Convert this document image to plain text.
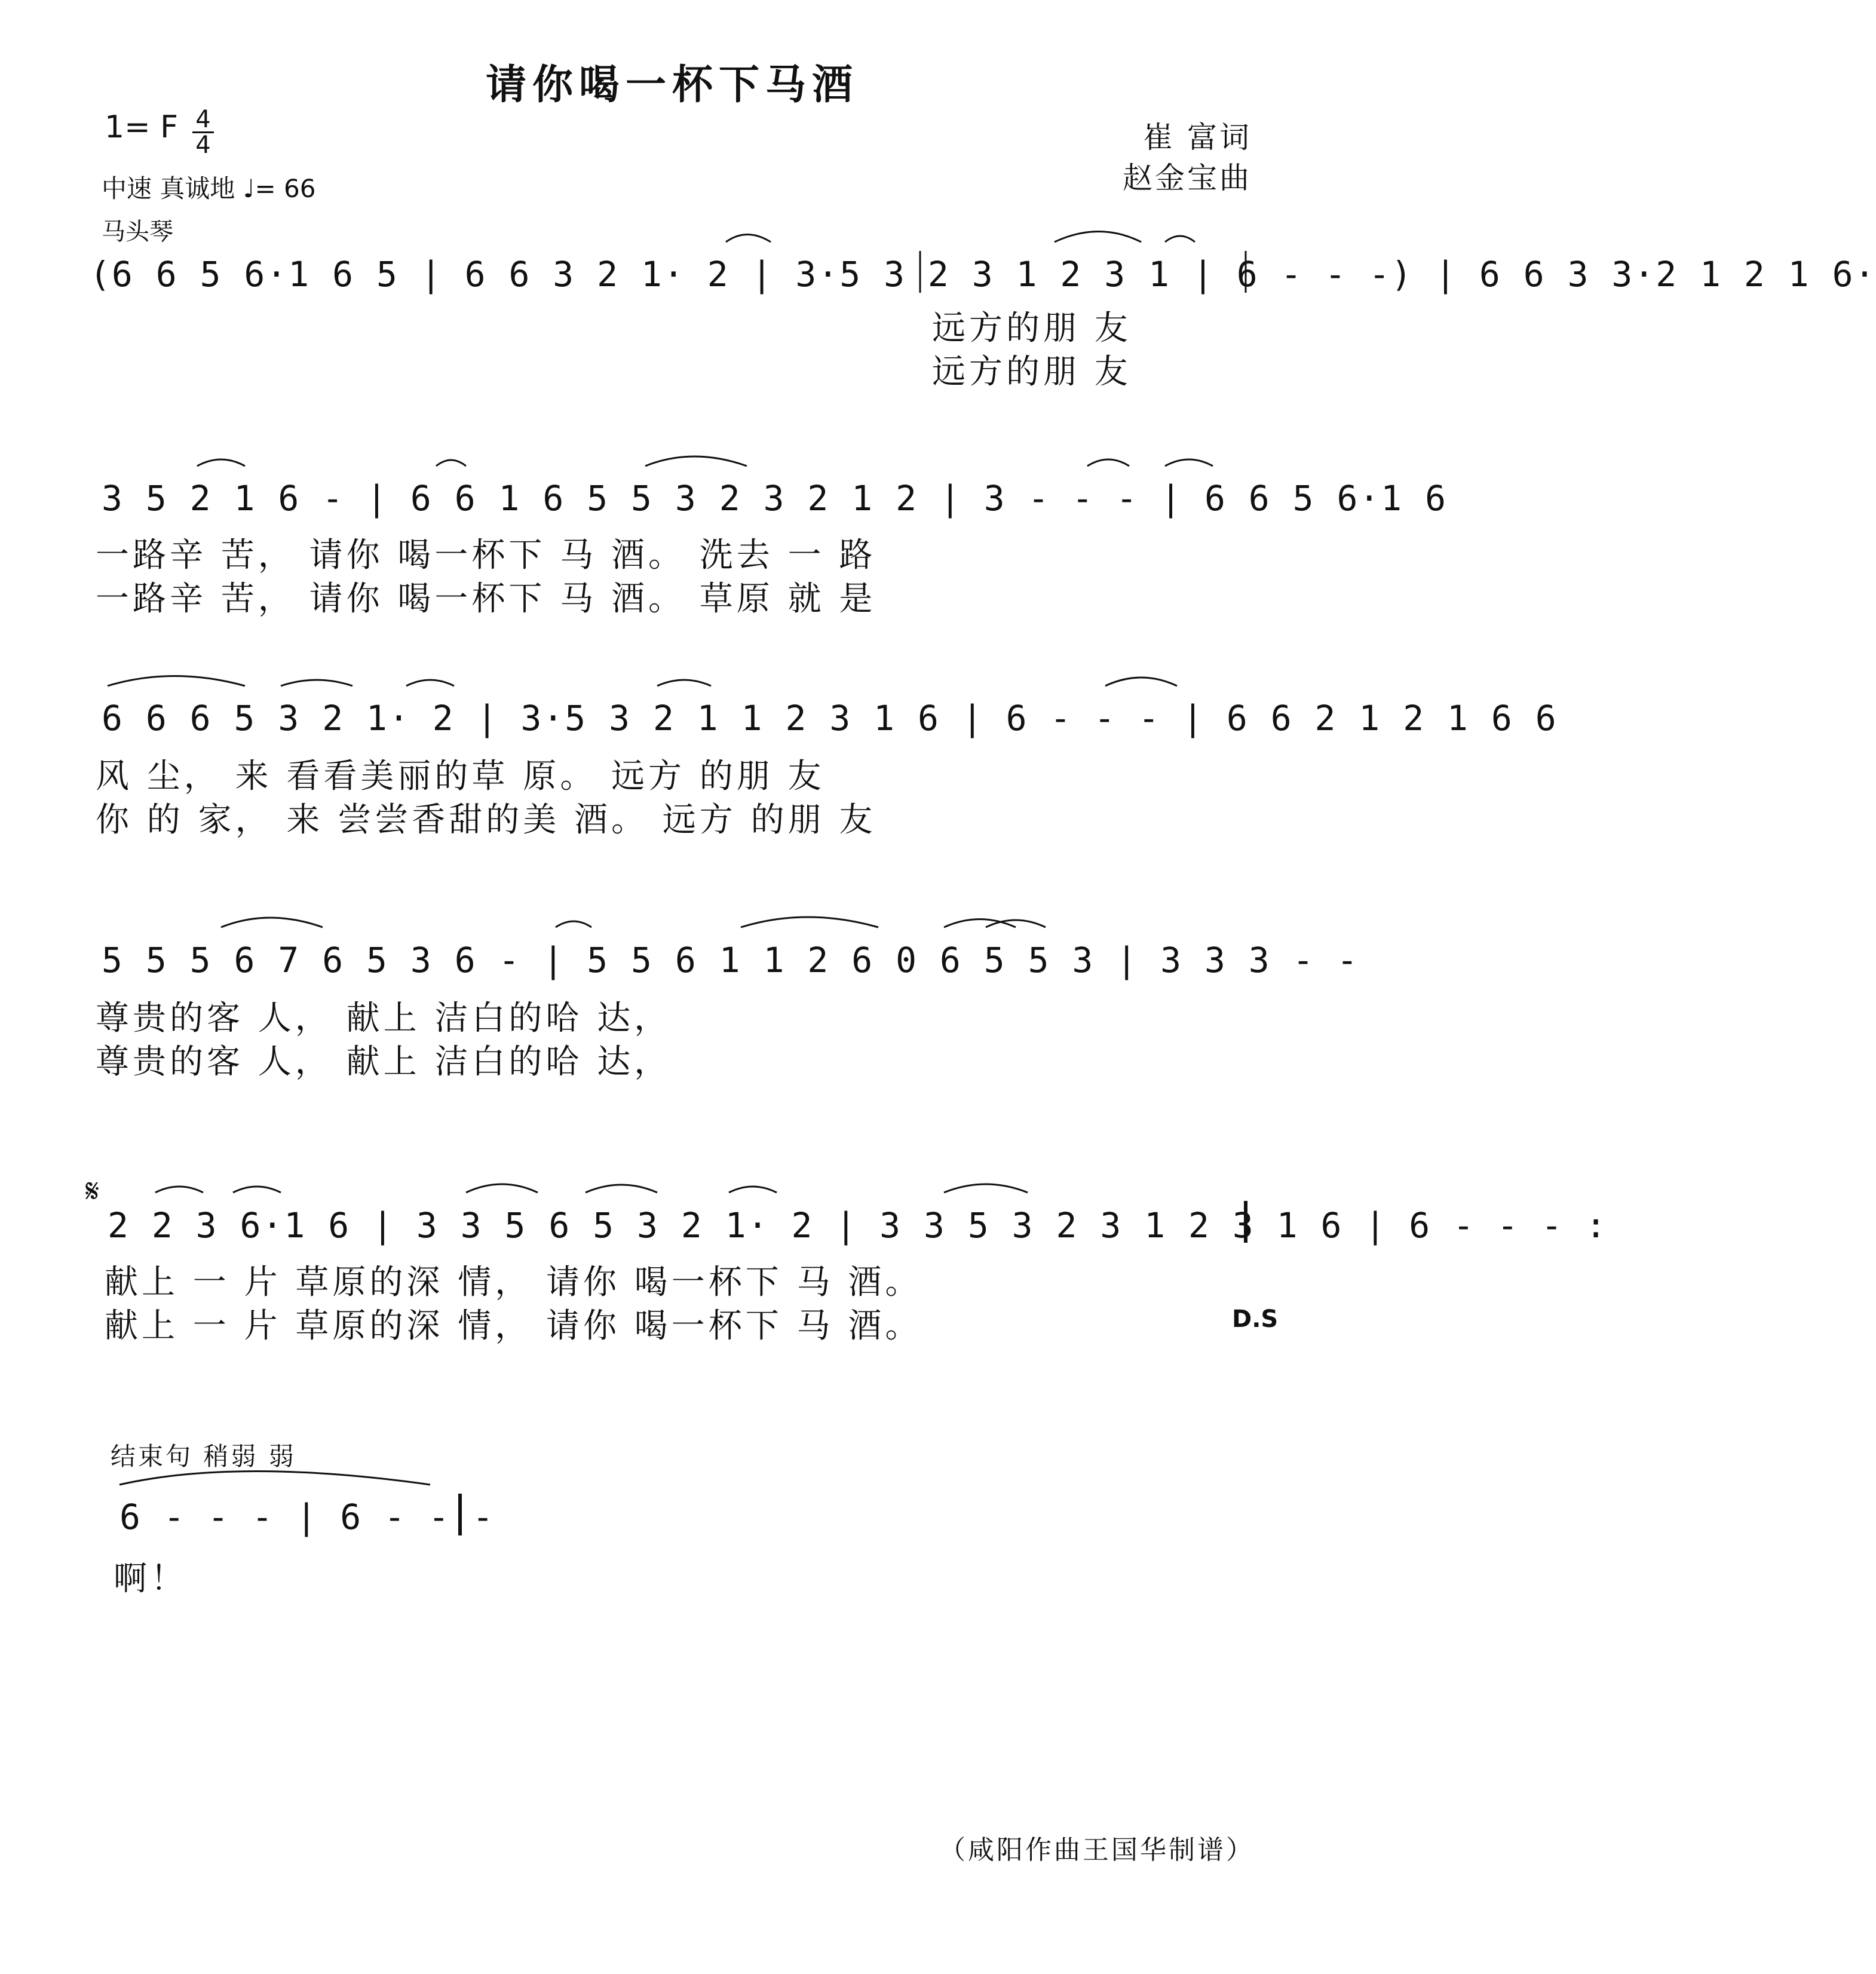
请你喝一杯下马酒
1= F 4
4
中速 真诚地 ♩= 66
马头琴
崔 富词
赵金宝曲
(6 6 5 6·1 6 5 | 6 6 3 2 1· 2 | 3·5 3 2 3 1 2 3 1 | 6 - - -) | 6 6 3 3·2 1 2 1 6·
远方的朋 友
远方的朋 友
3 5 2 1 6 - | 6 6 1 6 5 5 3 2 3 2 1 2 | 3 - - - | 6 6 5 6·1 6
一路辛 苦， 请你 喝一杯下 马 酒。 洗去 一 路
一路辛 苦， 请你 喝一杯下 马 酒。 草原 就 是
6 6 6 5 3 2 1· 2 | 3·5 3 2 1 1 2 3 1 6 | 6 - - - | 6 6 2 1 2 1 6 6
风 尘， 来 看看美丽的草 原。 远方 的朋 友
你 的 家， 来 尝尝香甜的美 酒。 远方 的朋 友
5 5 5 6 7 6 5 3 6 - | 5 5 6 1 1 2 6 0 6 5 5 3 | 3 3 3 - -
尊贵的客 人， 献上 洁白的哈 达，
尊贵的客 人， 献上 洁白的哈 达，
𝄋
2 2 3 6·1 6 | 3 3 5 6 5 3 2 1· 2 | 3 3 5 3 2 3 1 2 3 1 6 | 6 - - - :
献上 一 片 草原的深 情， 请你 喝一杯下 马 酒。
献上 一 片 草原的深 情， 请你 喝一杯下 马 酒。	D.S
结束句 稍弱 弱
6 - - - | 6 - - -
啊！
（咸阳作曲王国华制谱）
